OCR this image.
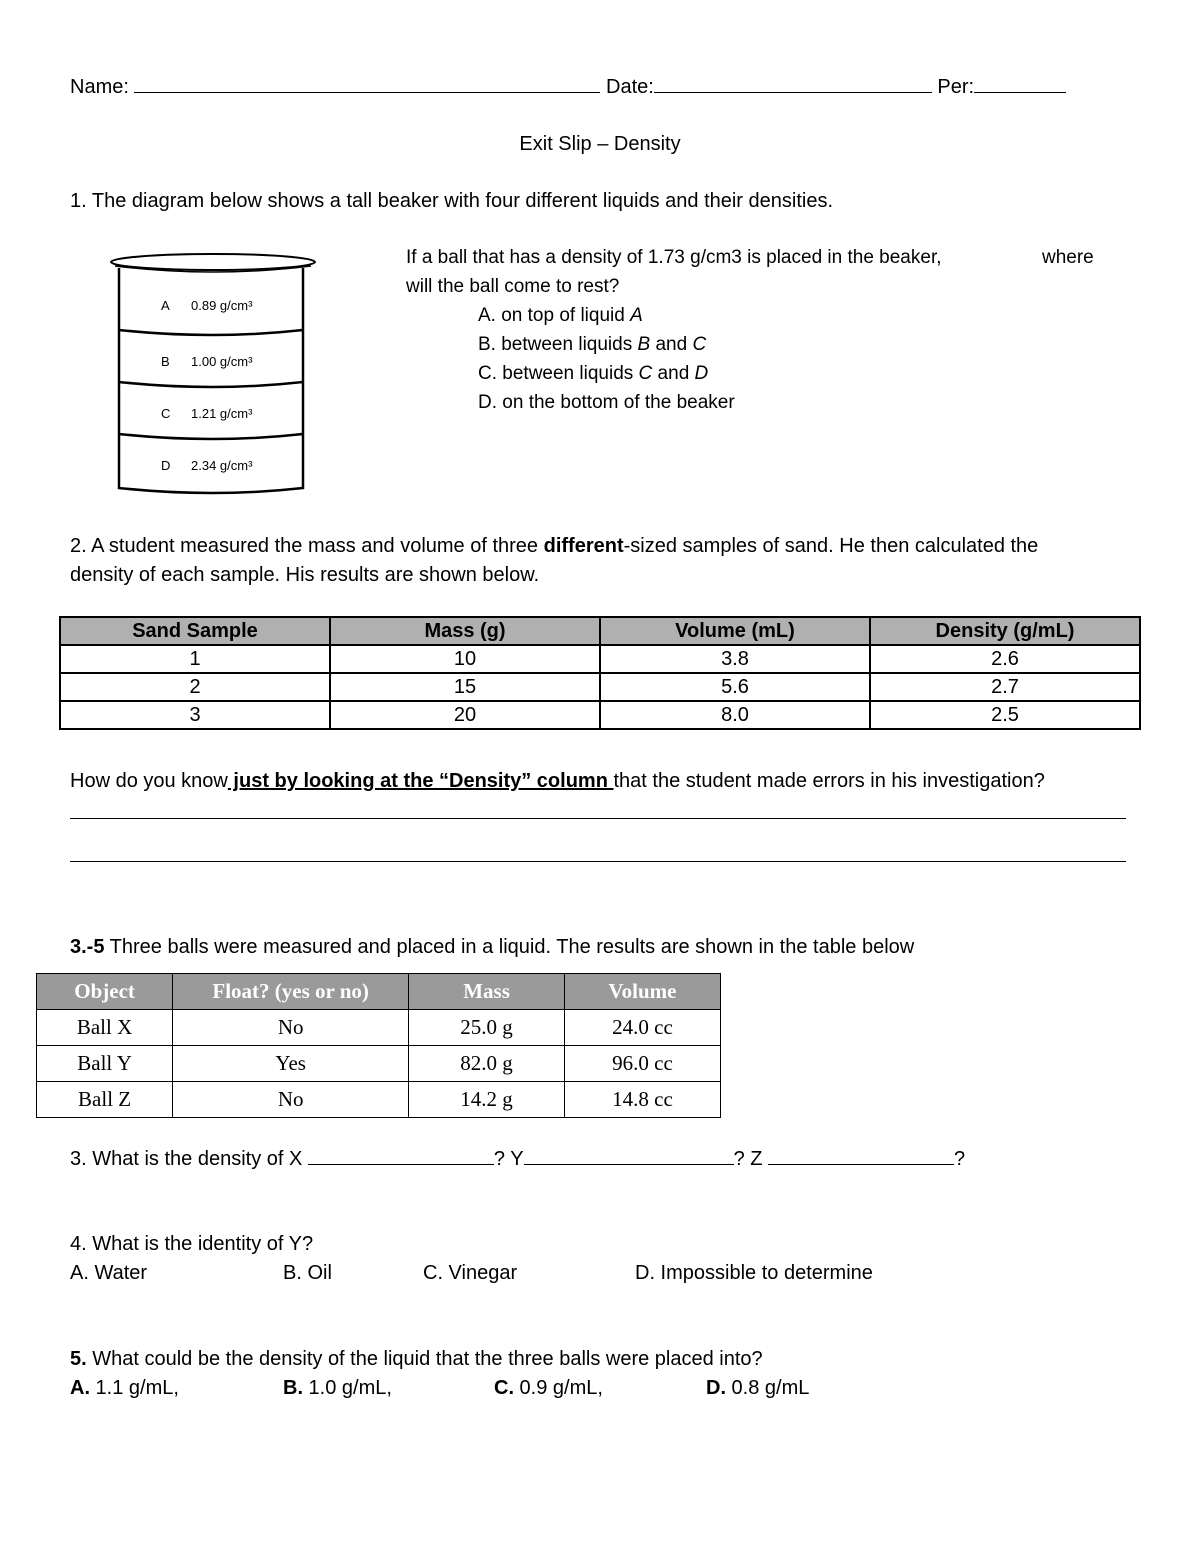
Name:	Date:	Per:
Exit Slip – Density
1. The diagram below shows a tall beaker with four different liquids and their densities.
A 0.89 g/cm³
B 1.00 g/cm³
C 1.21 g/cm³
D 2.34 g/cm³
If a ball that has a density of 1.73 g/cm3 is placed in the beaker,	where
will the ball come to rest?
A. on top of liquid A
B. between liquids B and C
C. between liquids C and D
D. on the bottom of the beaker
2. A student measured the mass and volume of three different-sized samples of sand. He then calculated the
density of each sample. His results are shown below.
Sand Sample	Mass (g)	Volume (mL)	Density (g/mL)
1	10	3.8	2.6
2	15	5.6	2.7
3	20	8.0	2.5
How do you know just by looking at the “Density” column that the student made errors in his investigation?
3.-5 Three balls were measured and placed in a liquid. The results are shown in the table below
Object	Float? (yes or no)	Mass	Volume
Ball X	No	25.0 g	24.0 cc
Ball Y	Yes	82.0 g	96.0 cc
Ball Z	No	14.2 g	14.8 cc
3. What is the density of X	? Y	? Z	?
4. What is the identity of Y?
A. Water	B. Oil	C. Vinegar	D. Impossible to determine
5. What could be the density of the liquid that the three balls were placed into?
A. 1.1 g/mL,	B. 1.0 g/mL,	C. 0.9 g/mL,	D. 0.8 g/mL
